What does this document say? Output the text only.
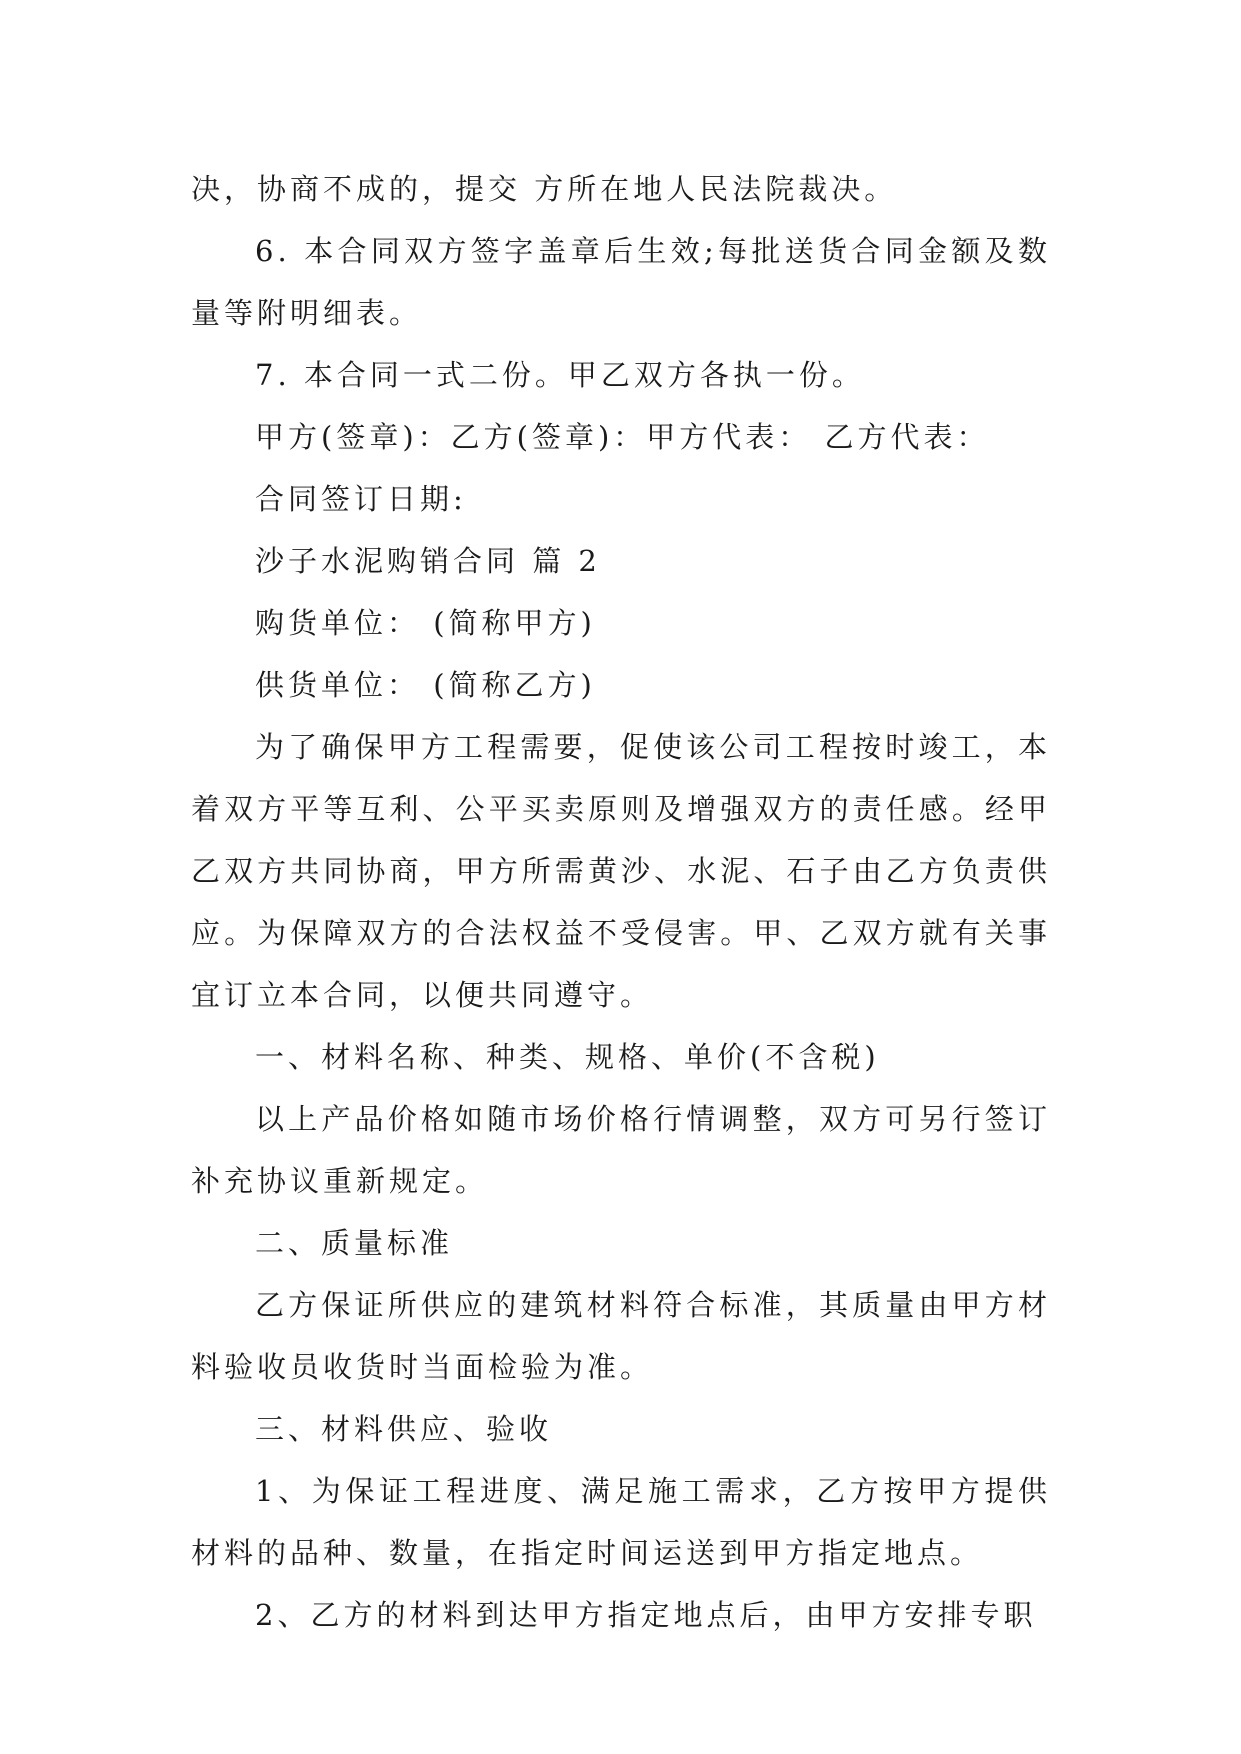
决，协商不成的，提交 方所在地人民法院裁决。

6. 本合同双方签字盖章后生效;每批送货合同金额及数量等附明细表。

7. 本合同一式二份。甲乙双方各执一份。

甲方(签章)：乙方(签章)：甲方代表： 乙方代表：

合同签订日期:

沙子水泥购销合同 篇 2

购货单位： (简称甲方)

供货单位： (简称乙方)

为了确保甲方工程需要，促使该公司工程按时竣工，本着双方平等互利、公平买卖原则及增强双方的责任感。经甲乙双方共同协商，甲方所需黄沙、水泥、石子由乙方负责供应。为保障双方的合法权益不受侵害。甲、乙双方就有关事宜订立本合同，以便共同遵守。

一、材料名称、种类、规格、单价(不含税)

以上产品价格如随市场价格行情调整，双方可另行签订补充协议重新规定。

二、质量标准

乙方保证所供应的建筑材料符合标准，其质量由甲方材料验收员收货时当面检验为准。

三、材料供应、验收

1、为保证工程进度、满足施工需求，乙方按甲方提供材料的品种、数量，在指定时间运送到甲方指定地点。

2、乙方的材料到达甲方指定地点后，由甲方安排专职
